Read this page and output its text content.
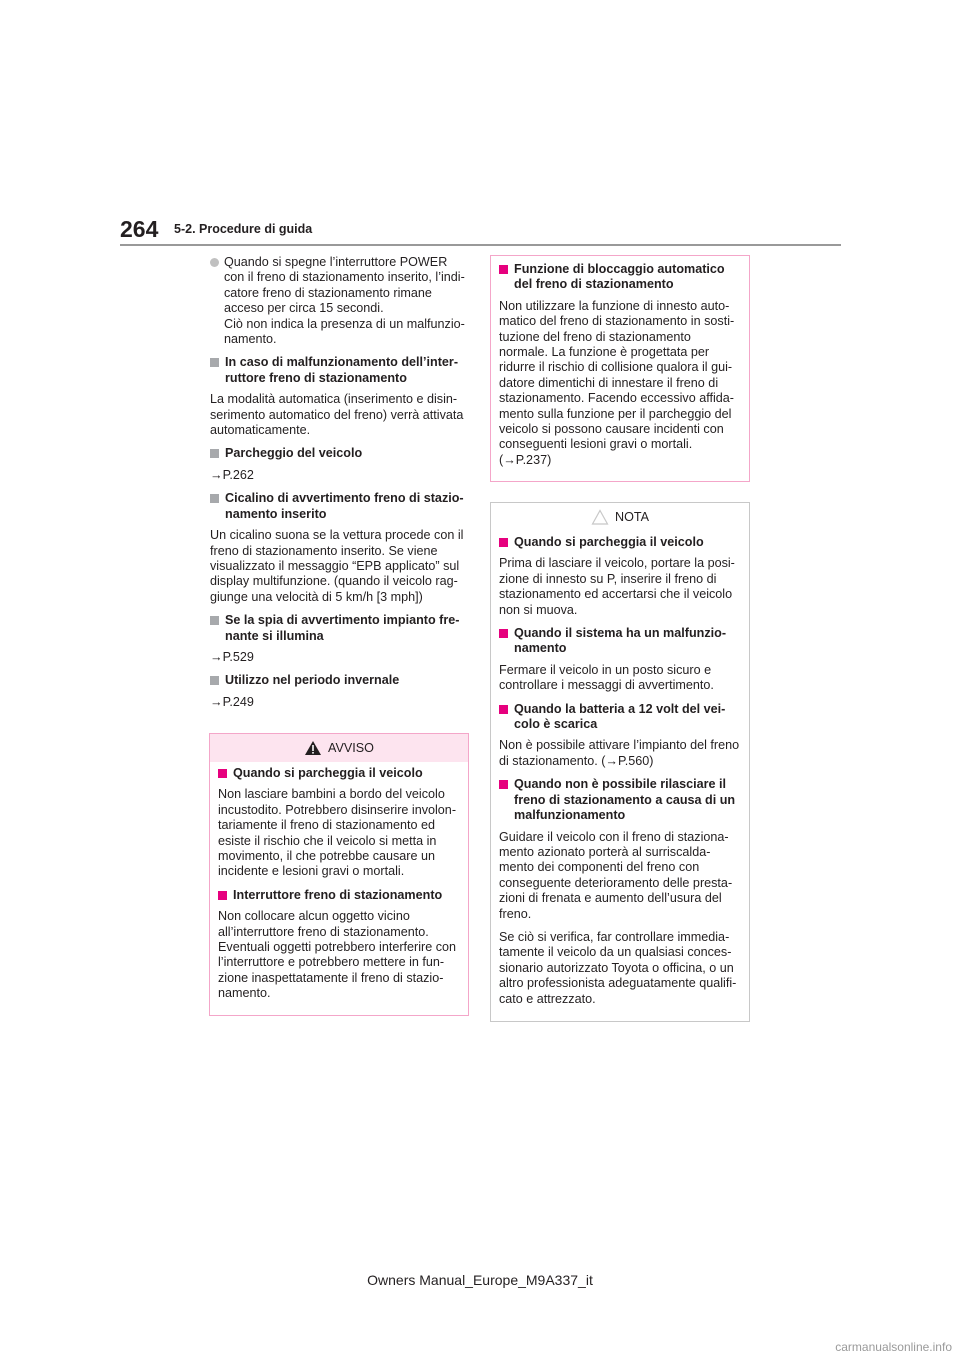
264 5-2. Procedure di guida
Quando si spegne l’interruttore POWER con il freno di stazionamento inserito, l’indi-catore freno di stazionamento rimane acceso per circa 15 secondi.
Ciò non indica la presenza di un malfunzio-namento.
In caso di malfunzionamento dell’inter-ruttore freno di stazionamento

La modalità automatica (inserimento e disin-serimento automatico del freno) verrà attivata automaticamente.

Parcheggio del veicolo

→P.262

Cicalino di avvertimento freno di stazio-namento inserito

Un cicalino suona se la vettura procede con il freno di stazionamento inserito. Se viene visualizzato il messaggio “EPB applicato” sul display multifunzione. (quando il veicolo rag-giunge una velocità di 5 km/h [3 mph])

Se la spia di avvertimento impianto fre-nante si illumina

→P.529

Utilizzo nel periodo invernale

→P.249

AVVISO
Quando si parcheggia il veicolo

Non lasciare bambini a bordo del veicolo incustodito. Potrebbero disinserire involon-tariamente il freno di stazionamento ed esiste il rischio che il veicolo si metta in movimento, il che potrebbe causare un incidente e lesioni gravi o mortali.

Interruttore freno di stazionamento

Non collocare alcun oggetto vicino all’interruttore freno di stazionamento. Eventuali oggetti potrebbero interferire con l’interruttore e potrebbero mettere in fun-zione inaspettatamente il freno di stazio-namento.

Funzione di bloccaggio automatico del freno di stazionamento

Non utilizzare la funzione di innesto auto-matico del freno di stazionamento in sosti-tuzione del freno di stazionamento normale. La funzione è progettata per ridurre il rischio di collisione qualora il gui-datore dimentichi di innestare il freno di stazionamento. Facendo eccessivo affida-mento sulla funzione per il parcheggio del veicolo si possono causare incidenti con conseguenti lesioni gravi o mortali.

(→P.237)

NOTA
Quando si parcheggia il veicolo

Prima di lasciare il veicolo, portare la posi-zione di innesto su P, inserire il freno di stazionamento ed accertarsi che il veicolo non si muova.

Quando il sistema ha un malfunzio-namento

Fermare il veicolo in un posto sicuro e controllare i messaggi di avvertimento.

Quando la batteria a 12 volt del vei-colo è scarica

Non è possibile attivare l’impianto del freno di stazionamento. (→P.560)

Quando non è possibile rilasciare il freno di stazionamento a causa di un malfunzionamento

Guidare il veicolo con il freno di staziona-mento azionato porterà al surriscalda-mento dei componenti del freno con conseguente deterioramento delle presta-zioni di frenata e aumento dell’usura del freno.

Se ciò si verifica, far controllare immedia-tamente il veicolo da un qualsiasi conces-sionario autorizzato Toyota o officina, o un altro professionista adeguatamente qualifi-cato e attrezzato.

Owners Manual_Europe_M9A337_it
carmanualsonline.info
